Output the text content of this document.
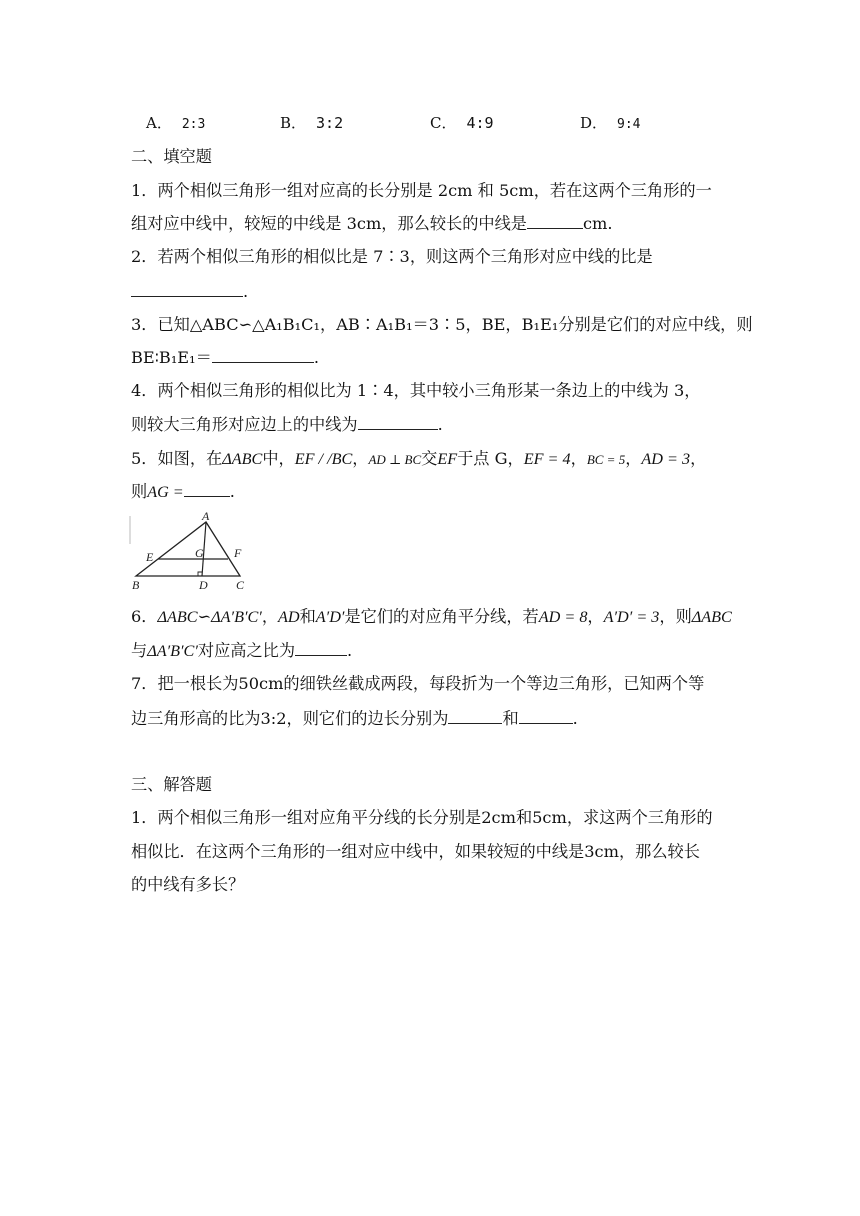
A． 2:3	B． 3:2	C． 4:9	D． 9:4
二、填空题
1．两个相似三角形一组对应高的长分别是 2cm 和 5cm，若在这两个三角形的一
组对应中线中，较短的中线是 3cm，那么较长的中线是	cm.
2．若两个相似三角形的相似比是 7∶3，则这两个三角形对应中线的比是
.
3．已知△ABC∽△A₁B₁C₁，AB∶A₁B₁＝3∶5，BE，B₁E₁分别是它们的对应中线，则
BE∶B₁E₁＝	.
4．两个相似三角形的相似比为 1∶4，其中较小三角形某一条边上的中线为 3，
则较大三角形对应边上的中线为	.
5．如图，在ΔABC中，EF / /BC，AD ⊥ BC交EF于点 G，EF = 4，BC = 5，AD = 3，
则AG =	.
A
E	G	F
B	D C
6．ΔABC∽ΔA′B′C′，AD和A′D′是它们的对应角平分线，若AD = 8，A′D′ = 3，则ΔABC
与ΔA′B′C′对应高之比为	.
7．把一根长为50cm的细铁丝截成两段，每段折为一个等边三角形，已知两个等
边三角形高的比为3:2，则它们的边长分别为	和	.
三、解答题
1．两个相似三角形一组对应角平分线的长分别是2cm和5cm，求这两个三角形的
相似比．在这两个三角形的一组对应中线中，如果较短的中线是3cm，那么较长
的中线有多长？
